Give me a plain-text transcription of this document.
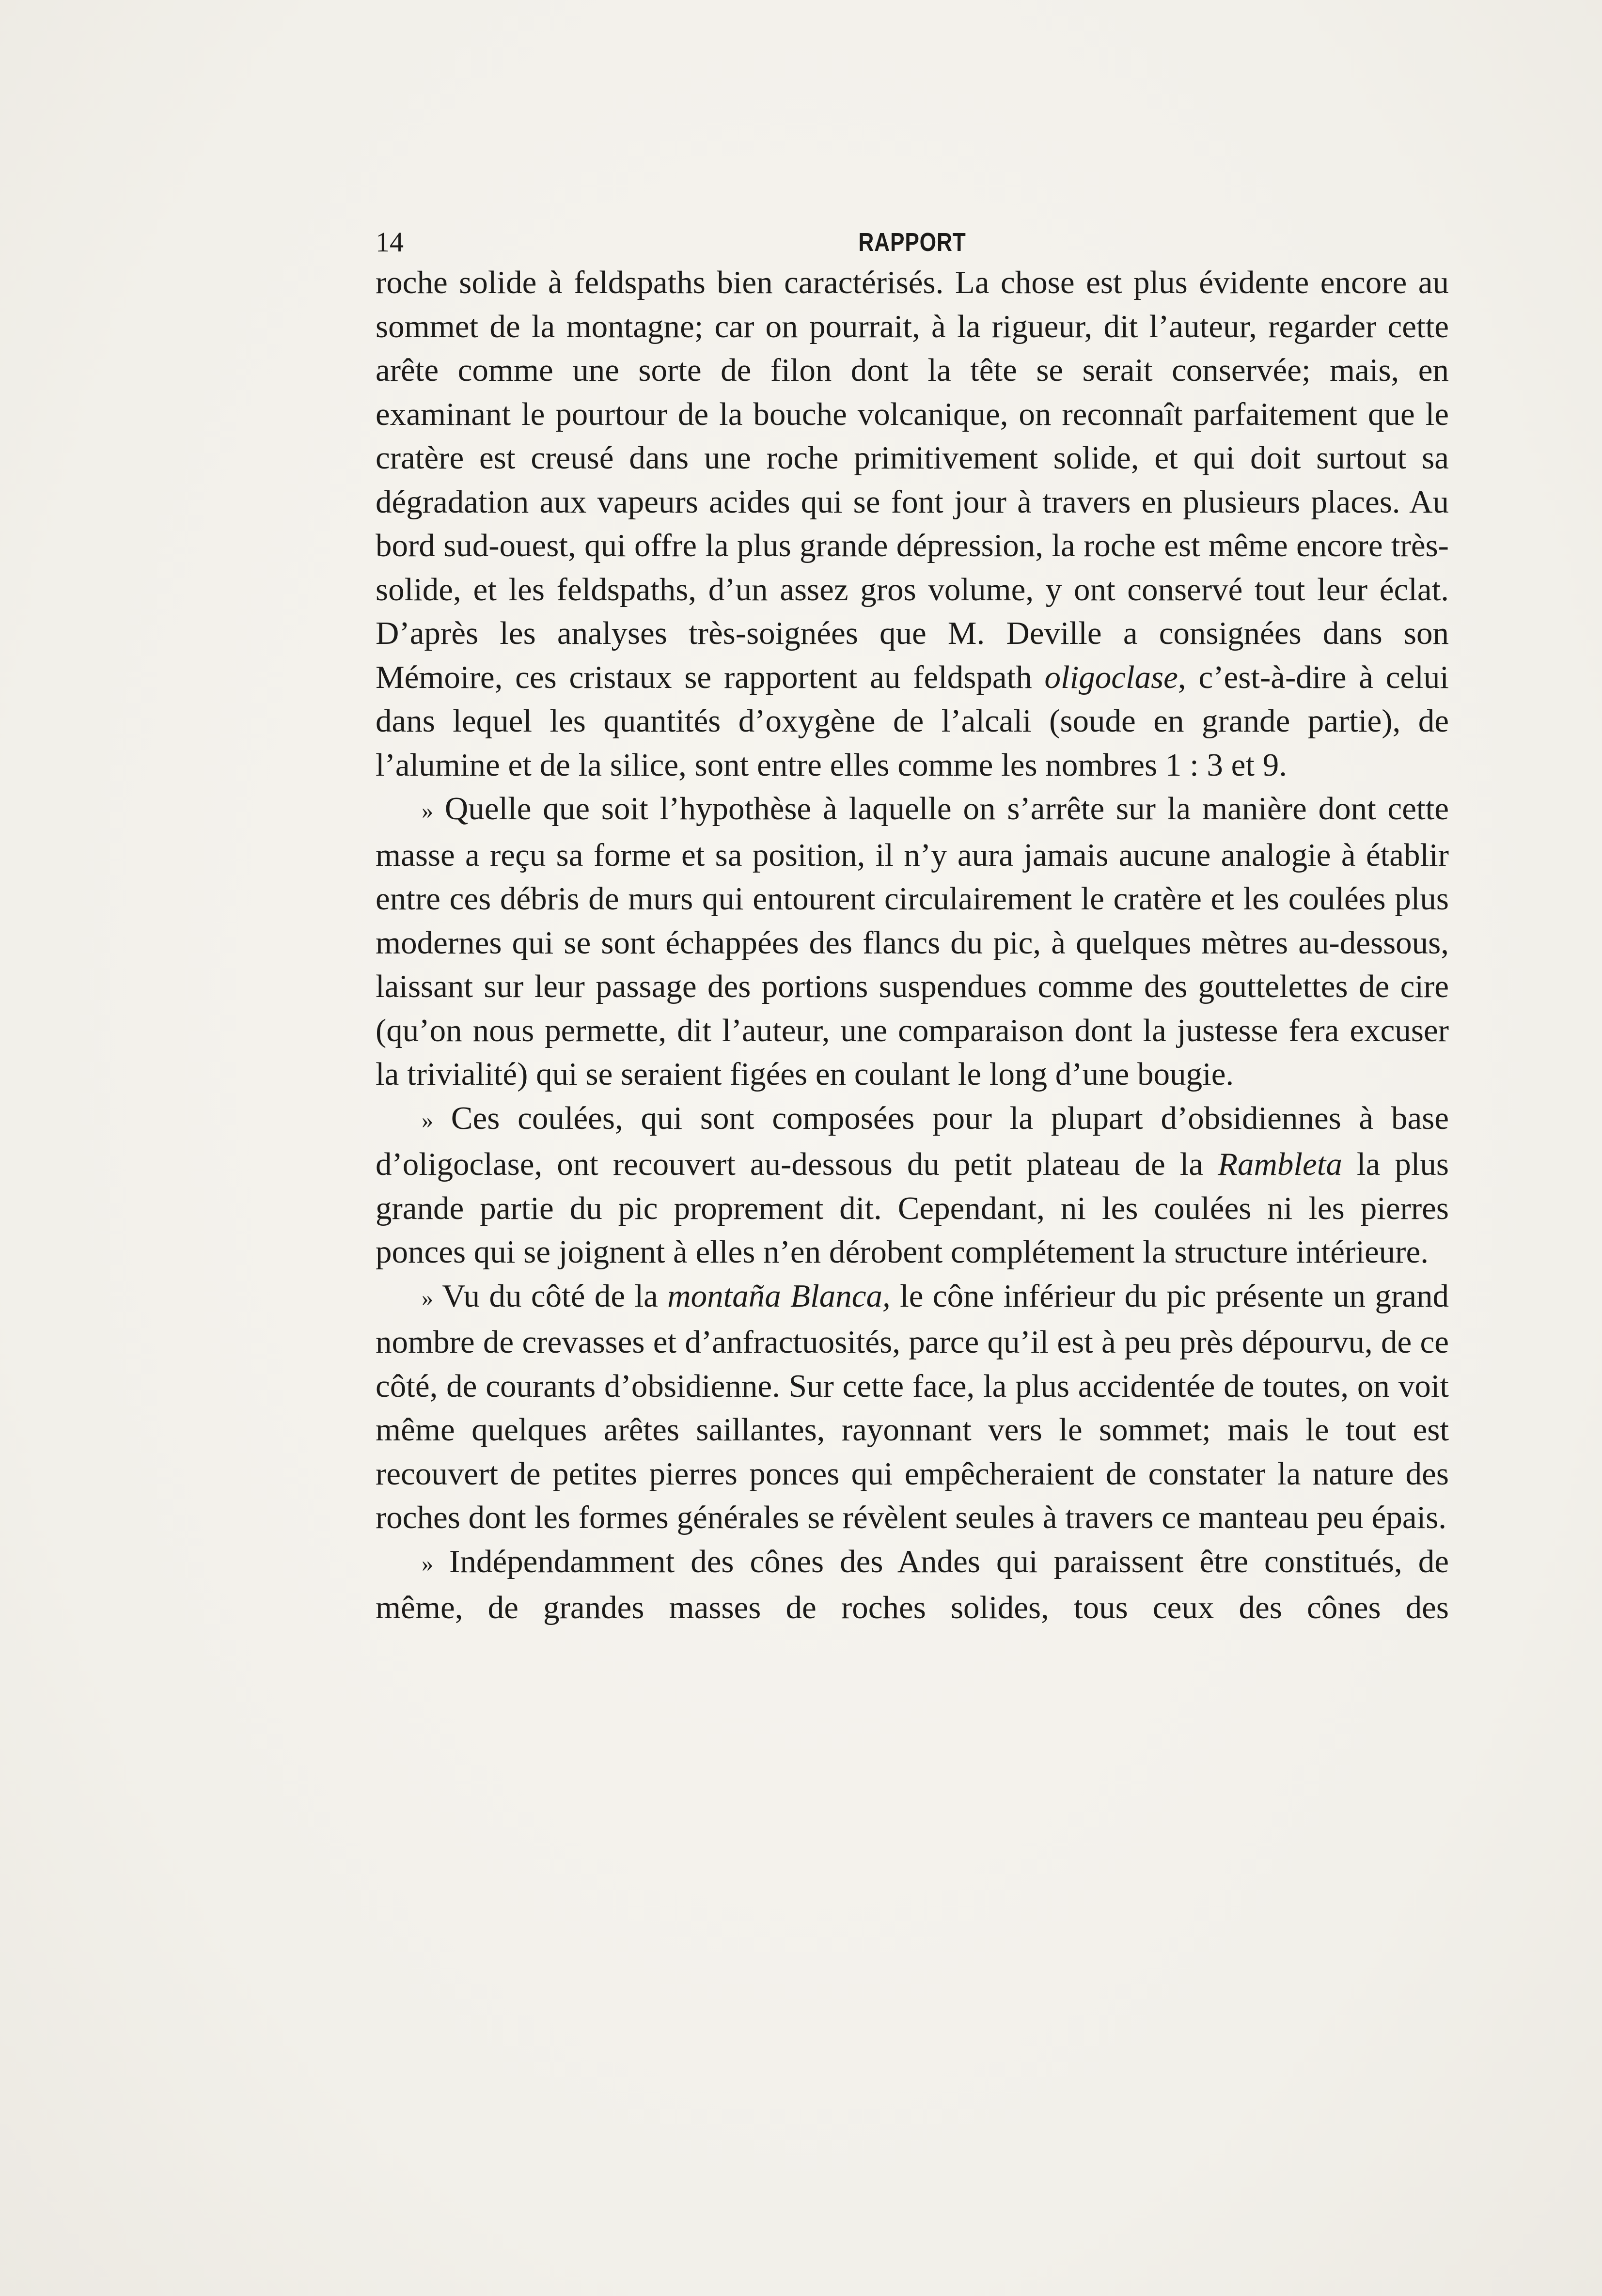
14	RAPPORT

roche solide à feldspaths bien caractérisés. La chose est plus évidente encore au sommet de la montagne; car on pourrait, à la rigueur, dit l’auteur, regarder cette arête comme une sorte de filon dont la tête se serait conservée; mais, en examinant le pourtour de la bouche volcanique, on reconnaît parfaitement que le cratère est creusé dans une roche primitivement solide, et qui doit surtout sa dégradation aux vapeurs acides qui se font jour à travers en plusieurs places. Au bord sud-ouest, qui offre la plus grande dépression, la roche est même encore très-solide, et les feldspaths, d’un assez gros volume, y ont conservé tout leur éclat. D’après les analyses très-soignées que M. Deville a consignées dans son Mémoire, ces cristaux se rapportent au feldspath oligoclase, c’est-à-dire à celui dans lequel les quantités d’oxygène de l’alcali (soude en grande partie), de l’alumine et de la silice, sont entre elles comme les nombres 1 : 3 et 9.

» Quelle que soit l’hypothèse à laquelle on s’arrête sur la manière dont cette masse a reçu sa forme et sa position, il n’y aura jamais aucune analogie à établir entre ces débris de murs qui entourent circulairement le cratère et les coulées plus modernes qui se sont échappées des flancs du pic, à quelques mètres au-dessous, laissant sur leur passage des portions suspendues comme des gouttelettes de cire (qu’on nous permette, dit l’auteur, une comparaison dont la justesse fera excuser la trivialité) qui se seraient figées en coulant le long d’une bougie.

» Ces coulées, qui sont composées pour la plupart d’obsidiennes à base d’oligoclase, ont recouvert au-dessous du petit plateau de la Rambleta la plus grande partie du pic proprement dit. Cependant, ni les coulées ni les pierres ponces qui se joignent à elles n’en dérobent complétement la structure intérieure.

» Vu du côté de la montaña Blanca, le cône inférieur du pic présente un grand nombre de crevasses et d’anfractuosités, parce qu’il est à peu près dépourvu, de ce côté, de courants d’obsidienne. Sur cette face, la plus accidentée de toutes, on voit même quelques arêtes saillantes, rayonnant vers le sommet; mais le tout est recouvert de petites pierres ponces qui empêcheraient de constater la nature des roches dont les formes générales se révèlent seules à travers ce manteau peu épais.

» Indépendamment des cônes des Andes qui paraissent être constitués, de même, de grandes masses de roches solides, tous ceux des cônes des
